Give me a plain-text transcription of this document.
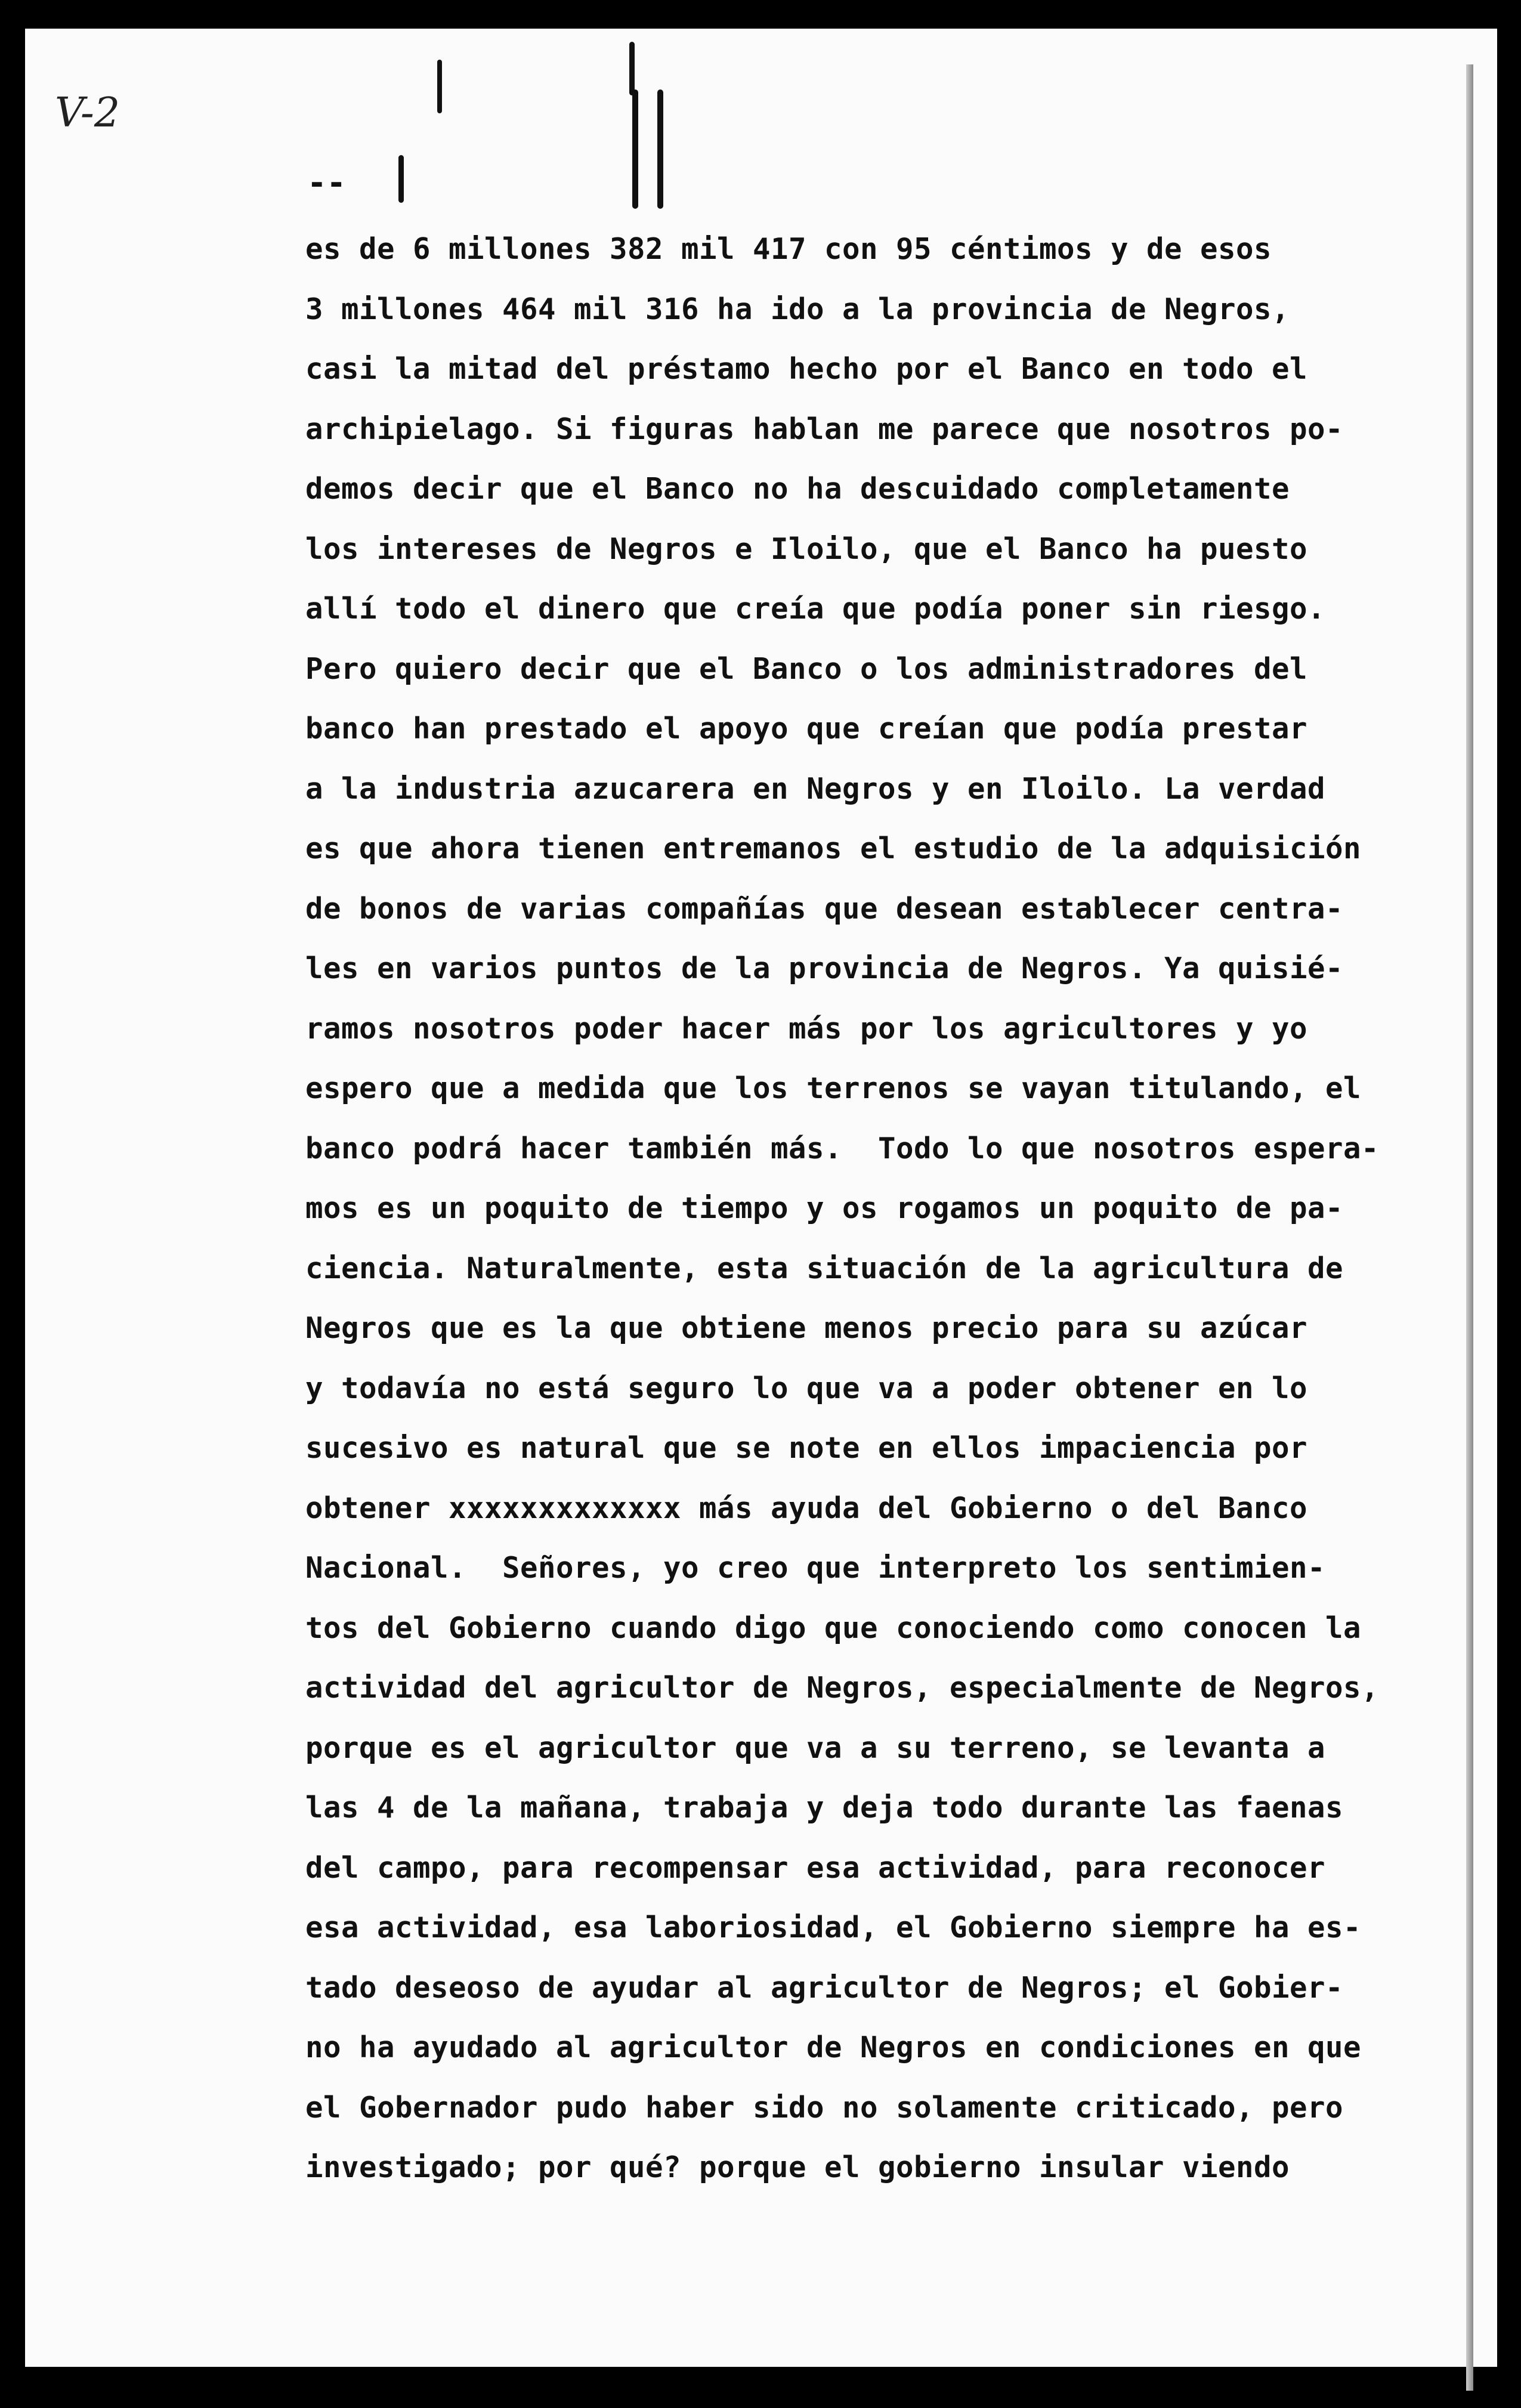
V-2
--
es de 6 millones 382 mil 417 con 95 céntimos y de esos
3 millones 464 mil 316 ha ido a la provincia de Negros,
casi la mitad del préstamo hecho por el Banco en todo el
archipielago. Si figuras hablan me parece que nosotros po-
demos decir que el Banco no ha descuidado completamente
los intereses de Negros e Iloilo, que el Banco ha puesto
allí todo el dinero que creía que podía poner sin riesgo.
Pero quiero decir que el Banco o los administradores del
banco han prestado el apoyo que creían que podía prestar
a la industria azucarera en Negros y en Iloilo. La verdad
es que ahora tienen entremanos el estudio de la adquisición
de bonos de varias compañías que desean establecer centra-
les en varios puntos de la provincia de Negros. Ya quisié-
ramos nosotros poder hacer más por los agricultores y yo
espero que a medida que los terrenos se vayan titulando, el
banco podrá hacer también más.  Todo lo que nosotros espera-
mos es un poquito de tiempo y os rogamos un poquito de pa-
ciencia. Naturalmente, esta situación de la agricultura de
Negros que es la que obtiene menos precio para su azúcar
y todavía no está seguro lo que va a poder obtener en lo
sucesivo es natural que se note en ellos impaciencia por
obtener xxxxxxxxxxxxx más ayuda del Gobierno o del Banco
Nacional.  Señores, yo creo que interpreto los sentimien-
tos del Gobierno cuando digo que conociendo como conocen la
actividad del agricultor de Negros, especialmente de Negros,
porque es el agricultor que va a su terreno, se levanta a
las 4 de la mañana, trabaja y deja todo durante las faenas
del campo, para recompensar esa actividad, para reconocer
esa actividad, esa laboriosidad, el Gobierno siempre ha es-
tado deseoso de ayudar al agricultor de Negros; el Gobier-
no ha ayudado al agricultor de Negros en condiciones en que
el Gobernador pudo haber sido no solamente criticado, pero
investigado; por qué? porque el gobierno insular viendo
